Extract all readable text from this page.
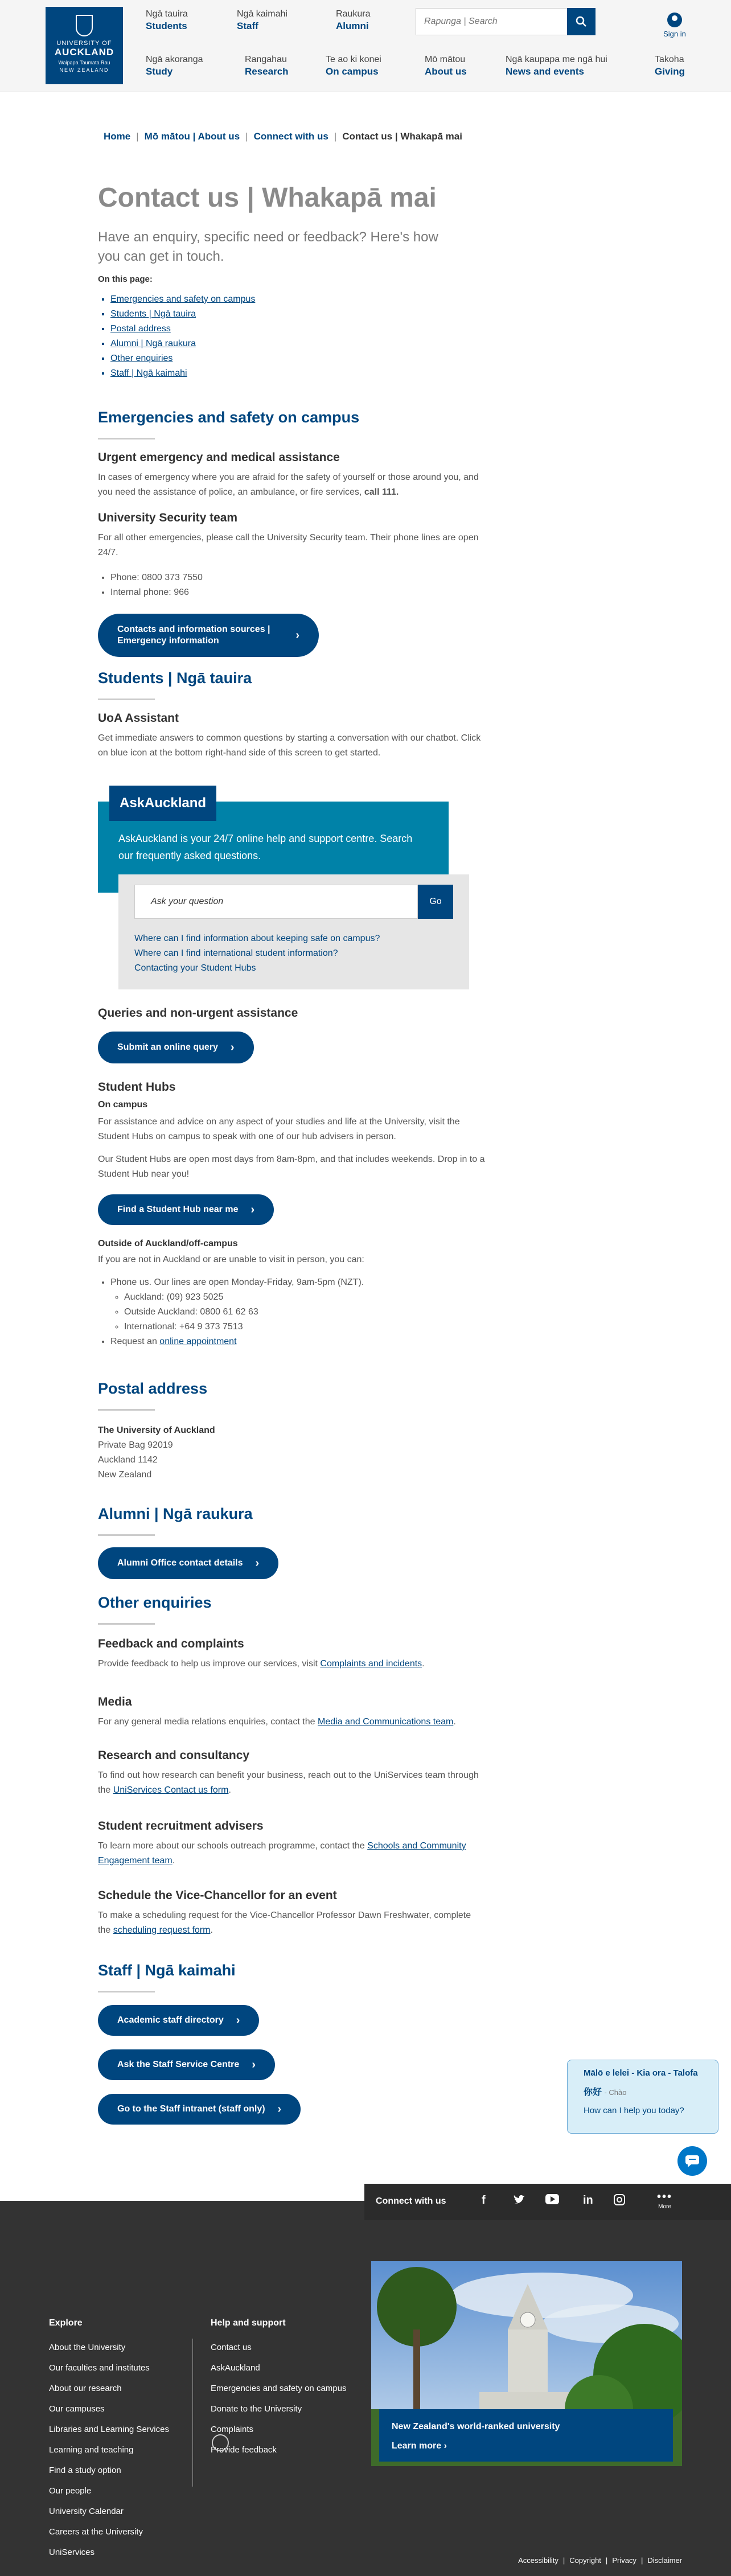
UNIVERSITY OF
AUCKLAND
Waipapa Taumata Rau
NEW ZEALAND
Ngā tauira
Students
Ngā kaimahi
Staff
Raukura
Alumni
Rapunga | Search
Sign in
Ngā akoranga
Study
Rangahau
Research
Te ao ki konei
On campus
Mō mātou
About us
Ngā kaupapa me ngā hui
News and events
Takoha
Giving
Home | Mō mātou | About us | Connect with us | Contact us | Whakapā mai
Contact us | Whakapā mai
Have an enquiry, specific need or feedback? Here's how you can get in touch.
On this page:
▪ Emergencies and safety on campus
▪ Students | Ngā tauira
▪ Postal address
▪ Alumni | Ngā raukura
▪ Other enquiries
▪ Staff | Ngā kaimahi
Emergencies and safety on campus
Urgent emergency and medical assistance

In cases of emergency where you are afraid for the safety of yourself or those around you, and you need the assistance of police, an ambulance, or fire services, call 111.

University Security team

For all other emergencies, please call the University Security team. Their phone lines are open 24/7.

• Phone: 0800 373 7550
• Internal phone: 966
Contacts and information sources | Emergency information	›
Students | Ngā tauira
UoA Assistant

Get immediate answers to common questions by starting a conversation with our chatbot. Click on blue icon at the bottom right-hand side of this screen to get started.

AskAuckland
AskAuckland is your 24/7 online help and support centre. Search our frequently asked questions.
Ask your question	Go
Where can I find information about keeping safe on campus?
Where can I find international student information?
Contacting your Student Hubs
Queries and non-urgent assistance
Submit an online query ›
Student Hubs
On campus

For assistance and advice on any aspect of your studies and life at the University, visit the Student Hubs on campus to speak with one of our hub advisers in person.

Our Student Hubs are open most days from 8am-8pm, and that includes weekends. Drop in to a Student Hub near you!

Find a Student Hub near me ›
Outside of Auckland/off-campus

If you are not in Auckland or are unable to visit in person, you can:

• Phone us. Our lines are open Monday-Friday, 9am-5pm (NZT).
◦ Auckland: (09) 923 5025
◦ Outside Auckland: 0800 61 62 63
◦ International: +64 9 373 7513
• Request an online appointment
Postal address

The University of Auckland

Private Bag 92019

Auckland 1142

New Zealand

Alumni | Ngā raukura
Alumni Office contact details ›
Other enquiries
Feedback and complaints

Provide feedback to help us improve our services, visit Complaints and incidents.

Media

For any general media relations enquiries, contact the Media and Communications team.

Research and consultancy

To find out how research can benefit your business, reach out to the UniServices team through the UniServices Contact us form.

Student recruitment advisers

To learn more about our schools outreach programme, contact the Schools and Community Engagement team.

Schedule the Vice-Chancellor for an event

To make a scheduling request for the Vice-Chancellor Professor Dawn Freshwater, complete the scheduling request form.

Staff | Ngā kaimahi
Academic staff directory ›

Ask the Staff Service Centre ›

Go to the Staff intranet (staff only) ›
Mālō e lelei - Kia ora - Talofa
你好 - Chào
How can I help you today?
Connect with us	f	in	•••
More
Explore
About the University
Our faculties and institutes
About our research
Our campuses
Libraries and Learning Services
Learning and teaching
Find a study option
Our people
University Calendar
Careers at the University
UniServices
Help and support
Contact us
AskAuckland
Emergencies and safety on campus
Donate to the University
Complaints
Provide feedback
New Zealand's world-ranked university
Learn more ›
Accessibility | Copyright | Privacy | Disclaimer
